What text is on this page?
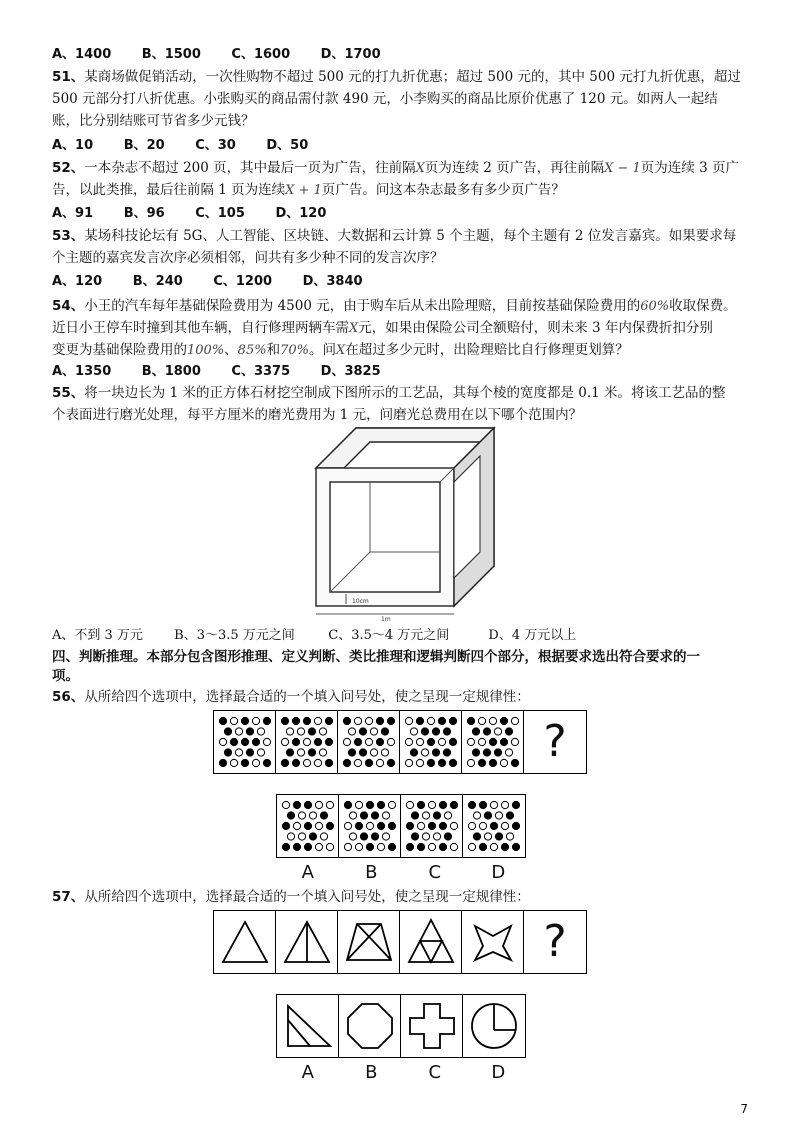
A、1400 B、1500 C、1600 D、1700
51、某商场做促销活动，一次性购物不超过 500 元的打九折优惠；超过 500 元的，其中 500 元打九折优惠，超过
500 元部分打八折优惠。小张购买的商品需付款 490 元，小李购买的商品比原价优惠了 120 元。如两人一起结
账，比分别结账可节省多少元钱？
A、10 B、20 C、30 D、50
52、一本杂志不超过 200 页，其中最后一页为广告，往前隔X页为连续 2 页广告，再往前隔X − 1页为连续 3 页广
告，以此类推，最后往前隔 1 页为连续X + 1页广告。问这本杂志最多有多少页广告？
A、91 B、96 C、105 D、120
53、某场科技论坛有 5G、人工智能、区块链、大数据和云计算 5 个主题，每个主题有 2 位发言嘉宾。如果要求每
个主题的嘉宾发言次序必须相邻，问共有多少种不同的发言次序？
A、120 B、240 C、1200 D、3840
54、小王的汽车每年基础保险费用为 4500 元，由于购车后从未出险理赔，目前按基础保险费用的60%收取保费。
近日小王停车时撞到其他车辆，自行修理两辆车需X元，如果由保险公司全额赔付，则未来 3 年内保费折扣分别
变更为基础保险费用的100%、85%和70%。问X在超过多少元时，出险理赔比自行修理更划算？
A、1350 B、1800 C、3375 D、3825
55、将一块边长为 1 米的正方体石材挖空制成下图所示的工艺品，其每个棱的宽度都是 0.1 米。将该工艺品的整
个表面进行磨光处理，每平方厘米的磨光费用为 1 元，问磨光总费用在以下哪个范围内？
10cm
1m
A、不到 3 万元 B、3～3.5 万元之间	C、3.5～4 万元之间	D、4 万元以上
四、判断推理。本部分包含图形推理、定义判断、类比推理和逻辑判断四个部分，根据要求选出符合要求的一
项。
56、从所给四个选项中，选择最合适的一个填入问号处，使之呈现一定规律性：
?
A	B	C	D
57、从所给四个选项中，选择最合适的一个填入问号处，使之呈现一定规律性：
?
A	B	C	D
7
